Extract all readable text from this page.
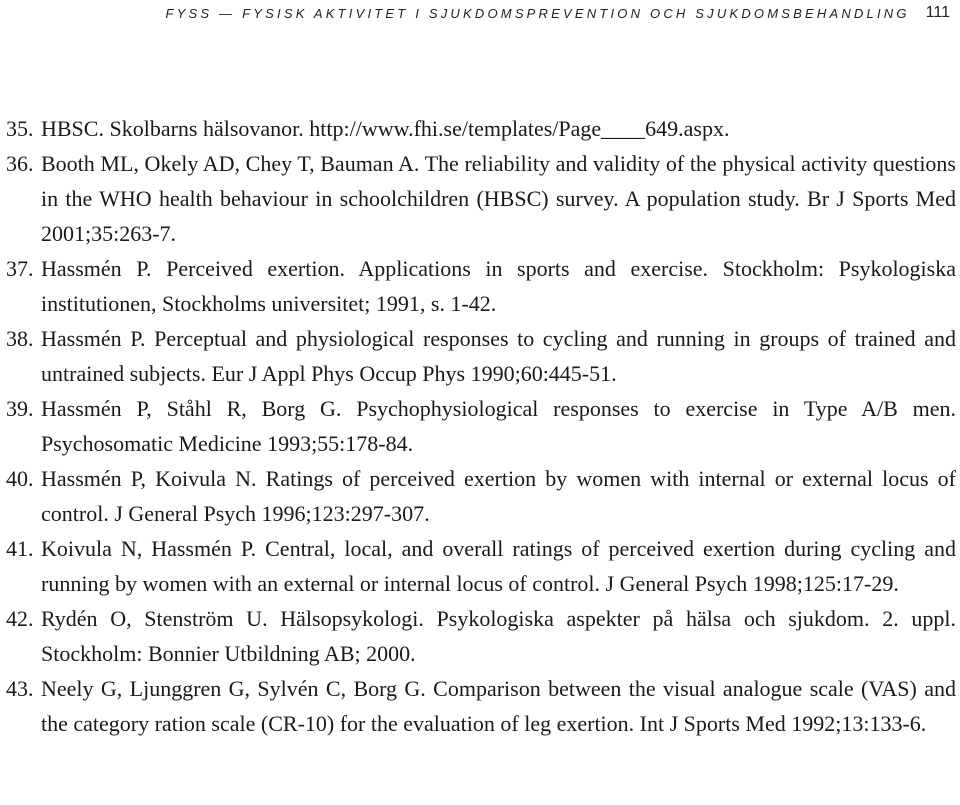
FYSS — FYSISK AKTIVITET I SJUKDOMSPREVENTION OCH SJUKDOMSBEHANDLING 111
35. HBSC. Skolbarns hälsovanor. http://www.fhi.se/templates/Page____649.aspx.
36. Booth ML, Okely AD, Chey T, Bauman A. The reliability and validity of the physical activity questions in the WHO health behaviour in schoolchildren (HBSC) survey. A population study. Br J Sports Med 2001;35:263-7.
37. Hassmén P. Perceived exertion. Applications in sports and exercise. Stockholm: Psykologiska institutionen, Stockholms universitet; 1991, s. 1-42.
38. Hassmén P. Perceptual and physiological responses to cycling and running in groups of trained and untrained subjects. Eur J Appl Phys Occup Phys 1990;60:445-51.
39. Hassmén P, Ståhl R, Borg G. Psychophysiological responses to exercise in Type A/B men. Psychosomatic Medicine 1993;55:178-84.
40. Hassmén P, Koivula N. Ratings of perceived exertion by women with internal or external locus of control. J General Psych 1996;123:297-307.
41. Koivula N, Hassmén P. Central, local, and overall ratings of perceived exertion during cycling and running by women with an external or internal locus of control. J General Psych 1998;125:17-29.
42. Rydén O, Stenström U. Hälsopsykologi. Psykologiska aspekter på hälsa och sjukdom. 2. uppl. Stockholm: Bonnier Utbildning AB; 2000.
43. Neely G, Ljunggren G, Sylvén C, Borg G. Comparison between the visual analogue scale (VAS) and the category ration scale (CR-10) for the evaluation of leg exertion. Int J Sports Med 1992;13:133-6.
